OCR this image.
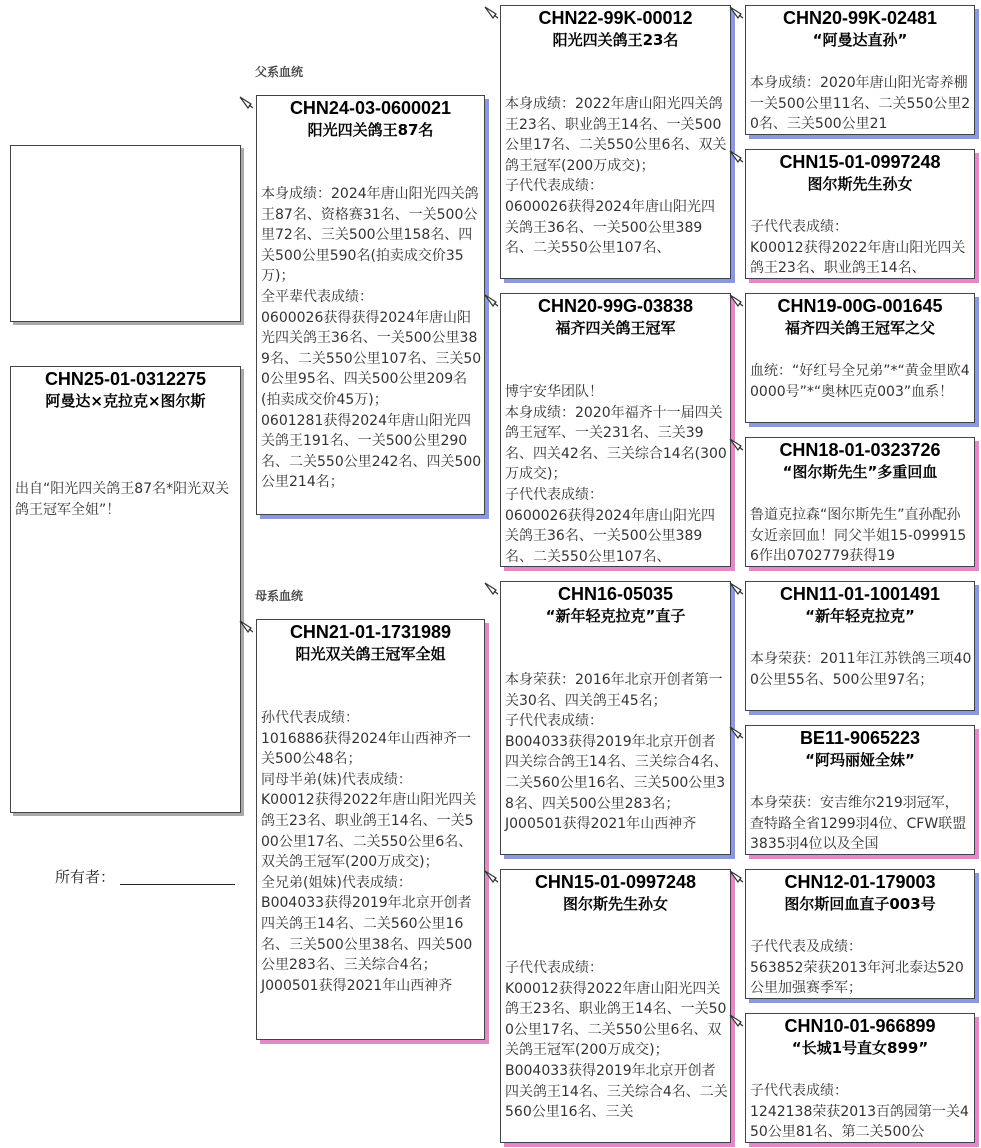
CHN25-01-0312275
阿曼达×克拉克×图尔斯
出自“阳光四关鸽王87名*阳光双关鸽王冠军全姐”！
所有者：
父系血统
母系血统
CHN24-03-0600021
阳光四关鸽王87名
本身成绩：2024年唐山阳光四关鸽王87名、资格赛31名、一关500公里72名、三关500公里158名、四关500公里590名(拍卖成交价35万)；
全平辈代表成绩：
0600026获得获得2024年唐山阳光四关鸽王36名、一关500公里389名、二关550公里107名、三关500公里95名、四关500公里209名(拍卖成交价45万)；
0601281获得2024年唐山阳光四关鸽王191名、一关500公里290名、二关550公里242名、四关500公里214名；
CHN21-01-1731989
阳光双关鸽王冠军全姐
孙代代表成绩：
1016886获得2024年山西神齐一关500公48名；
同母半弟(妹)代表成绩：
K00012获得2022年唐山阳光四关鸽王23名、职业鸽王14名、一关500公里17名、二关550公里6名、双关鸽王冠军(200万成交)；
全兄弟(姐妹)代表成绩：
B004033获得2019年北京开创者四关鸽王14名、二关560公里16名、三关500公里38名、四关500公里283名、三关综合4名；
J000501获得2021年山西神齐
CHN22-99K-00012
阳光四关鸽王23名
本身成绩：2022年唐山阳光四关鸽王23名、职业鸽王14名、一关500公里17名、二关550公里6名、双关鸽王冠军(200万成交)；
子代代表成绩：
0600026获得2024年唐山阳光四关鸽王36名、一关500公里389名、二关550公里107名、
CHN20-99G-03838
福齐四关鸽王冠军
博宇安华团队！
本身成绩：2020年福齐十一届四关鸽王冠军、一关231名、三关39名、四关42名、三关综合14名(300万成交)；
子代代表成绩：
0600026获得2024年唐山阳光四关鸽王36名、一关500公里389名、二关550公里107名、
CHN16-05035
“新年轻克拉克”直子
本身荣获：2016年北京开创者第一关30名、四关鸽王45名；
子代代表成绩：
B004033获得2019年北京开创者四关综合鸽王14名、三关综合4名、二关560公里16名、三关500公里38名、四关500公里283名；
J000501获得2021年山西神齐
CHN15-01-0997248
图尔斯先生孙女
子代代表成绩：
K00012获得2022年唐山阳光四关鸽王23名、职业鸽王14名、一关500公里17名、二关550公里6名、双关鸽王冠军(200万成交)；
B004033获得2019年北京开创者四关鸽王14名、三关综合4名、二关560公里16名、三关
CHN20-99K-02481
“阿曼达直孙”
本身成绩：2020年唐山阳光寄养棚一关500公里11名、二关550公里20名、三关500公里21
CHN15-01-0997248
图尔斯先生孙女
子代代表成绩：
K00012获得2022年唐山阳光四关鸽王23名、职业鸽王14名、
CHN19-00G-001645
福齐四关鸽王冠军之父
血统：“好红号全兄弟”*“黄金里欧40000号”*“奥林匹克003”血系！
CHN18-01-0323726
“图尔斯先生”多重回血
鲁道克拉森“图尔斯先生”直孙配孙女近亲回血！同父半姐15-0999156作出0702779获得19
CHN11-01-1001491
“新年轻克拉克”
本身荣获：2011年江苏铁鸽三项400公里55名、500公里97名；
BE11-9065223
“阿玛丽娅全妹”
本身荣获：安吉维尔219羽冠军，查特路全省1299羽4位、CFW联盟3835羽4位以及全国
CHN12-01-179003
图尔斯回血直子003号
子代代表及成绩：
563852荣获2013年河北泰达520公里加强赛季军；
CHN10-01-966899
“长城1号直女899”
子代代表成绩：
1242138荣获2013百鸽园第一关450公里81名、第二关500公
